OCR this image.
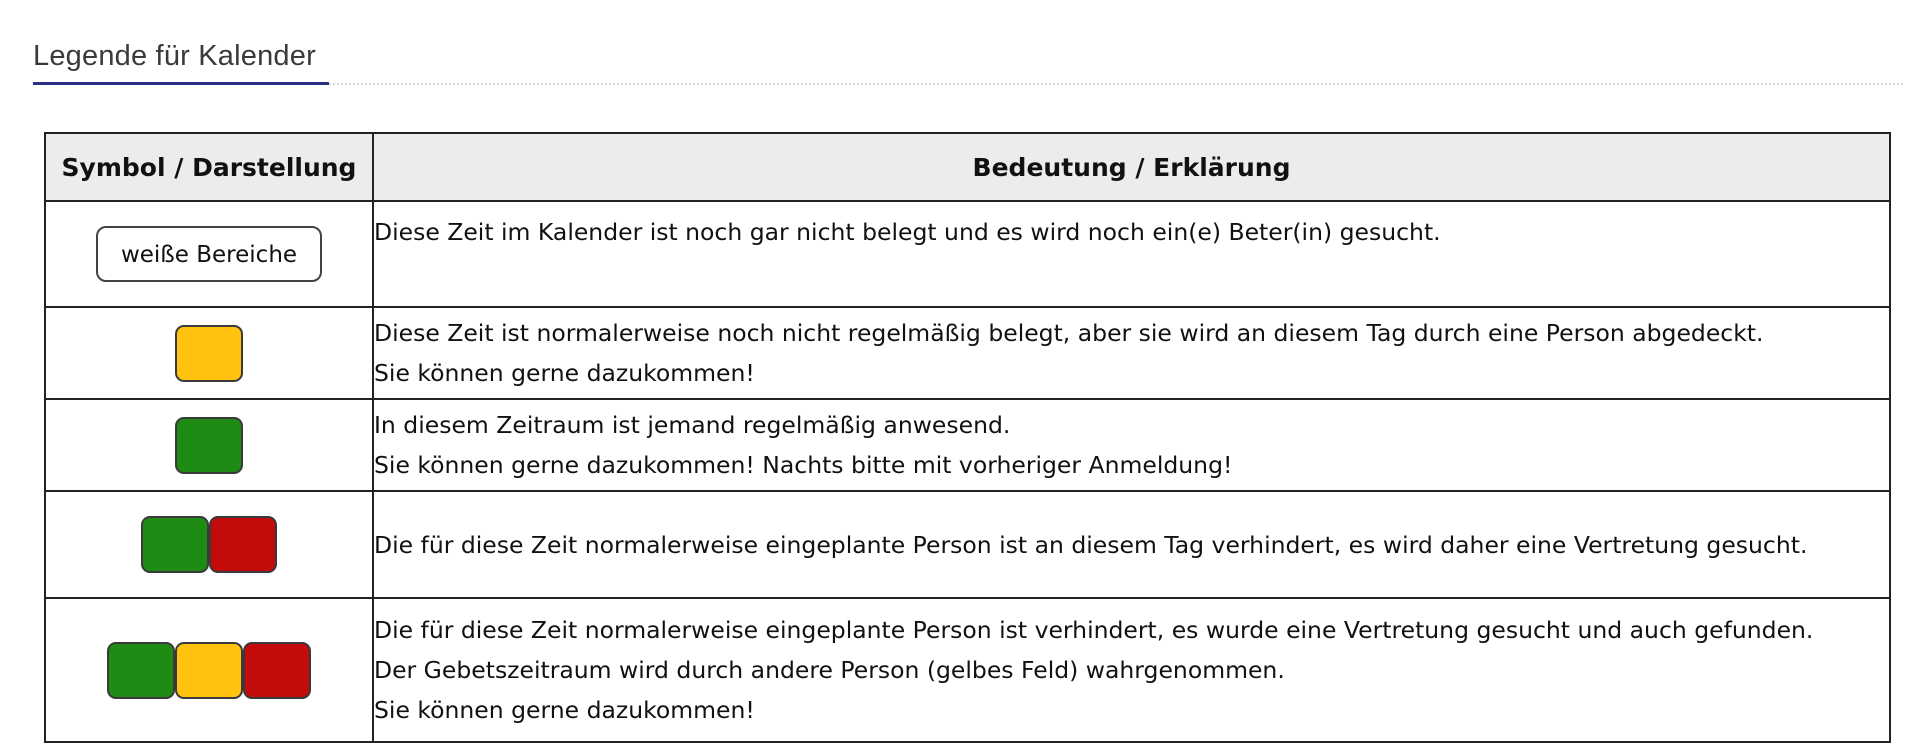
Legende für Kalender
Symbol / Darstellung	Bedeutung / Erklärung
weiße Bereiche	Diese Zeit im Kalender ist noch gar nicht belegt und es wird noch ein(e) Beter(in) gesucht.

	Diese Zeit ist normalerweise noch nicht regelmäßig belegt, aber sie wird an diesem Tag durch eine Person abgedeckt.
Sie können gerne dazukommen!

	In diesem Zeitraum ist jemand regelmäßig anwesend.
Sie können gerne dazukommen! Nachts bitte mit vorheriger Anmeldung!

	Die für diese Zeit normalerweise eingeplante Person ist an diesem Tag verhindert, es wird daher eine Vertretung gesucht.

	Die für diese Zeit normalerweise eingeplante Person ist verhindert, es wurde eine Vertretung gesucht und auch gefunden.
Der Gebetszeitraum wird durch andere Person (gelbes Feld) wahrgenommen.
Sie können gerne dazukommen!
